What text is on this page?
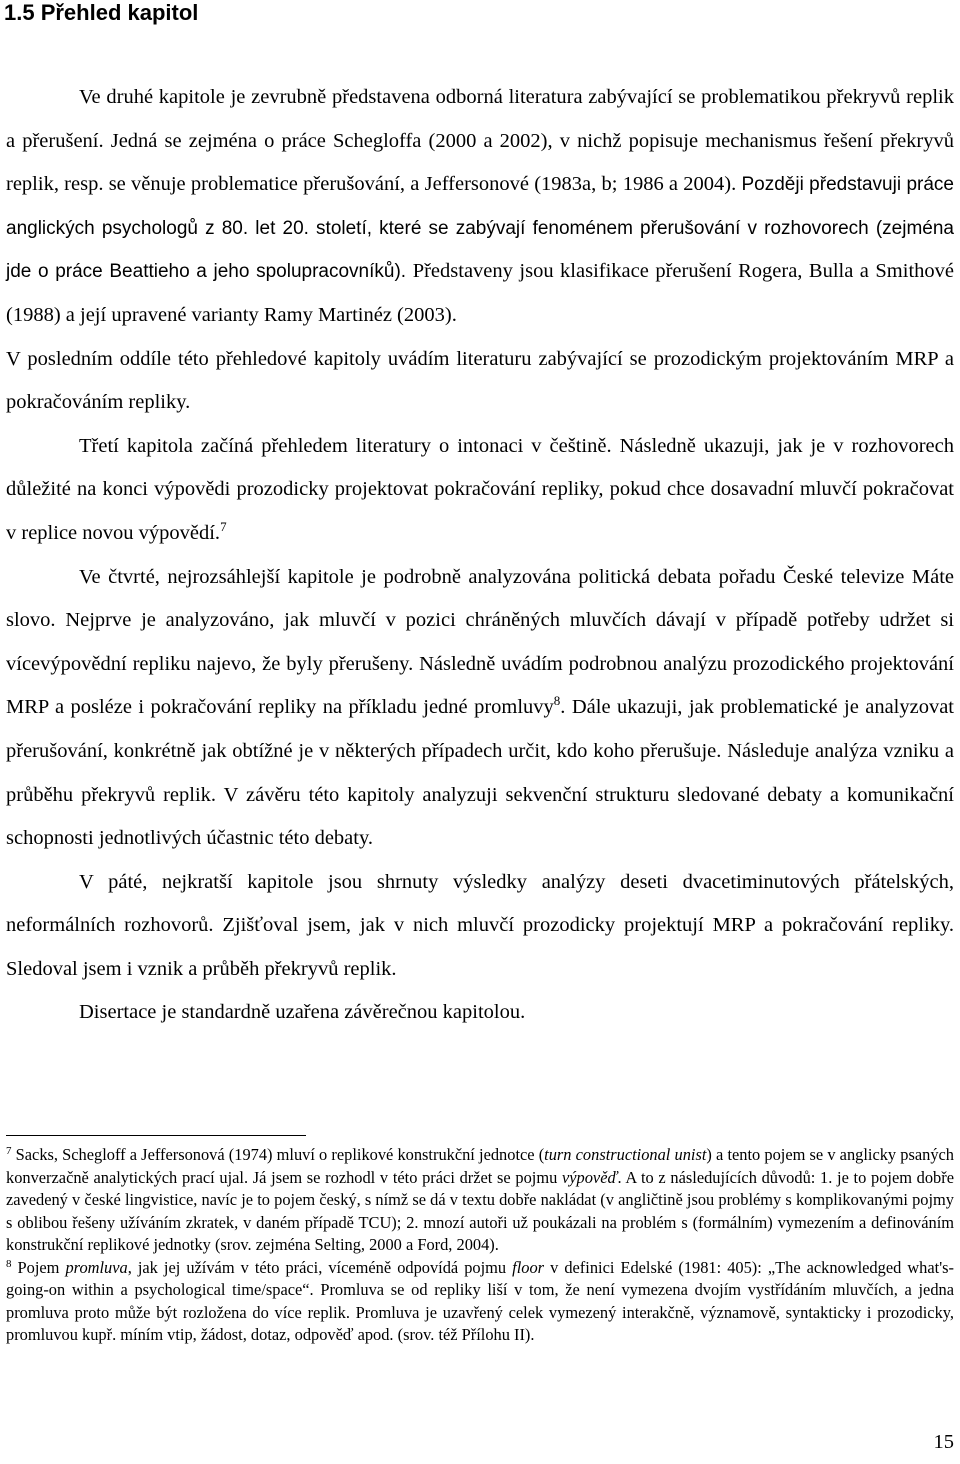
1.5 Přehled kapitol

Ve druhé kapitole je zevrubně představena odborná literatura zabývající se problematikou překryvů replik a přerušení. Jedná se zejména o práce Schegloffa (2000 a 2002), v nichž popisuje mechanismus řešení překryvů replik, resp. se věnuje problematice přerušování, a Jeffersonové (1983a, b; 1986 a 2004). Později představuji práce anglických psychologů z 80. let 20. století, které se zabývají fenoménem přerušování v rozhovorech (zejména jde o práce Beattieho a jeho spolupracovníků). Představeny jsou klasifikace přerušení Rogera, Bulla a Smithové (1988) a její upravené varianty Ramy Martinéz (2003).
V posledním oddíle této přehledové kapitoly uvádím literaturu zabývající se prozodickým projektováním MRP a pokračováním repliky.

Třetí kapitola začíná přehledem literatury o intonaci v češtině. Následně ukazuji, jak je v rozhovorech důležité na konci výpovědi prozodicky projektovat pokračování repliky, pokud chce dosavadní mluvčí pokračovat v replice novou výpovědí.$^7$

Ve čtvrté, nejrozsáhlejší kapitole je podrobně analyzována politická debata pořadu České televize Máte slovo. Nejprve je analyzováno, jak mluvčí v pozici chráněných mluvčích dávají v případě potřeby udržet si vícevýpovědní repliku najevo, že byly přerušeny. Následně uvádím podrobnou analýzu prozodického projektování MRP a posléze i pokračování repliky na příkladu jedné promluvy$^8$. Dále ukazuji, jak problematické je analyzovat přerušování, konkrétně jak obtížné je v některých případech určit, kdo koho přerušuje. Následuje analýza vzniku a průběhu překryvů replik. V závěru této kapitoly analyzuji sekvenční strukturu sledované debaty a komunikační schopnosti jednotlivých účastnic této debaty.

V páté, nejkratší kapitole jsou shrnuty výsledky analýzy deseti dvacetiminutových přátelských, neformálních rozhovorů. Zjišťoval jsem, jak v nich mluvčí prozodicky projektují MRP a pokračování repliky. Sledoval jsem i vznik a průběh překryvů replik.

Disertace je standardně uzařena závěrečnou kapitolou.

$^7$ Sacks, Schegloff a Jeffersonová (1974) mluví o replikové konstrukční jednotce (turn constructional unist) a tento pojem se v anglicky psaných konverzačně analytických prací ujal. Já jsem se rozhodl v této práci držet se pojmu výpověď. A to z následujících důvodů: 1. je to pojem dobře zavedený v české lingvistice, navíc je to pojem český, s nímž se dá v textu dobře nakládat (v angličtině jsou problémy s komplikovanými pojmy s oblibou řešeny užíváním zkratek, v daném případě TCU); 2. mnozí autoři už poukázali na problém s (formálním) vymezením a definováním konstrukční replikové jednotky (srov. zejména Selting, 2000 a Ford, 2004).

$^8$ Pojem promluva, jak jej užívám v této práci, víceméně odpovídá pojmu floor v definici Edelské (1981: 405): „The acknowledged what's-going-on within a psychological time/space“. Promluva se od repliky liší v tom, že není vymezena dvojím vystřídáním mluvčích, a jedna promluva proto může být rozložena do více replik. Promluva je uzavřený celek vymezený interakčně, významově, syntakticky i prozodicky, promluvou kupř. míním vtip, žádost, dotaz, odpověď apod. (srov. též Přílohu II).

15
